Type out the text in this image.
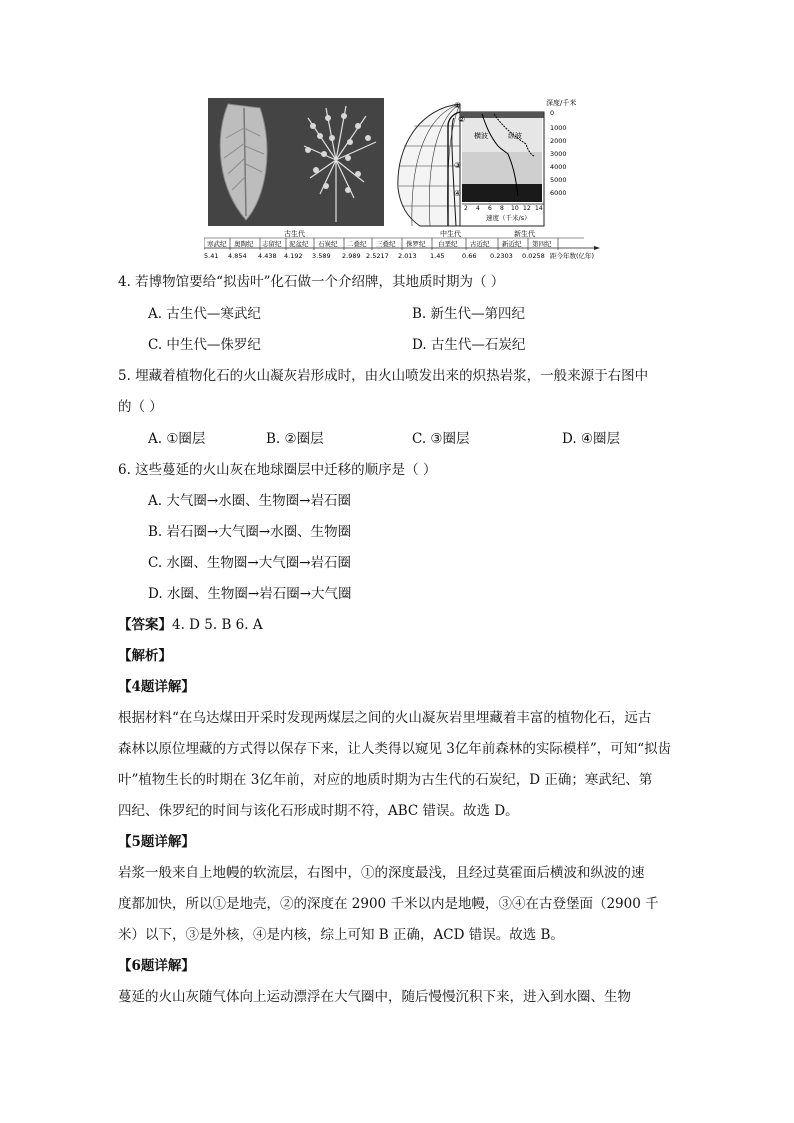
①
②
③
④
横波	纵波
深度/千米
0
1000
2000
3000
4000
5000
6000
2 4 6 8 10 12 14
速度（千米/s）
古生代	中生代	新生代
寒武纪 奥陶纪 志留纪 泥盆纪 石炭纪 二叠纪 三叠纪 侏罗纪 白垩纪 古近纪 新近纪 第四纪
5.41 4.854 4.438 4.192 3.589 2.989 2.5217 2.013 1.45	0.66 0.2303 0.0258 距今年数(亿年)
4. 若博物馆要给“拟齿叶”化石做一个介绍牌，其地质时期为（ ）
A. 古生代—寒武纪	B. 新生代—第四纪
C. 中生代—侏罗纪	D. 古生代—石炭纪
5. 埋藏着植物化石的火山凝灰岩形成时，由火山喷发出来的炽热岩浆，一般来源于右图中
的（ ）
A. ①圈层	B. ②圈层	C. ③圈层	D. ④圈层
6. 这些蔓延的火山灰在地球圈层中迁移的顺序是（ ）
A. 大气圈→水圈、生物圈→岩石圈
B. 岩石圈→大气圈→水圈、生物圈
C. 水圈、生物圈→大气圈→岩石圈
D. 水圈、生物圈→岩石圈→大气圈
【答案】4. D 5. B 6. A
【解析】
【4题详解】
根据材料“在乌达煤田开采时发现两煤层之间的火山凝灰岩里埋藏着丰富的植物化石，远古
森林以原位埋藏的方式得以保存下来，让人类得以窥见 3亿年前森林的实际模样”，可知“拟齿
叶”植物生长的时期在 3亿年前，对应的地质时期为古生代的石炭纪，D 正确；寒武纪、第
四纪、侏罗纪的时间与该化石形成时期不符，ABC 错误。故选 D。
【5题详解】
岩浆一般来自上地幔的软流层，右图中，①的深度最浅，且经过莫霍面后横波和纵波的速
度都加快，所以①是地壳，②的深度在 2900 千米以内是地幔，③④在古登堡面（2900 千
米）以下，③是外核，④是内核，综上可知 B 正确，ACD 错误。故选 B。
【6题详解】
蔓延的火山灰随气体向上运动漂浮在大气圈中，随后慢慢沉积下来，进入到水圈、生物
